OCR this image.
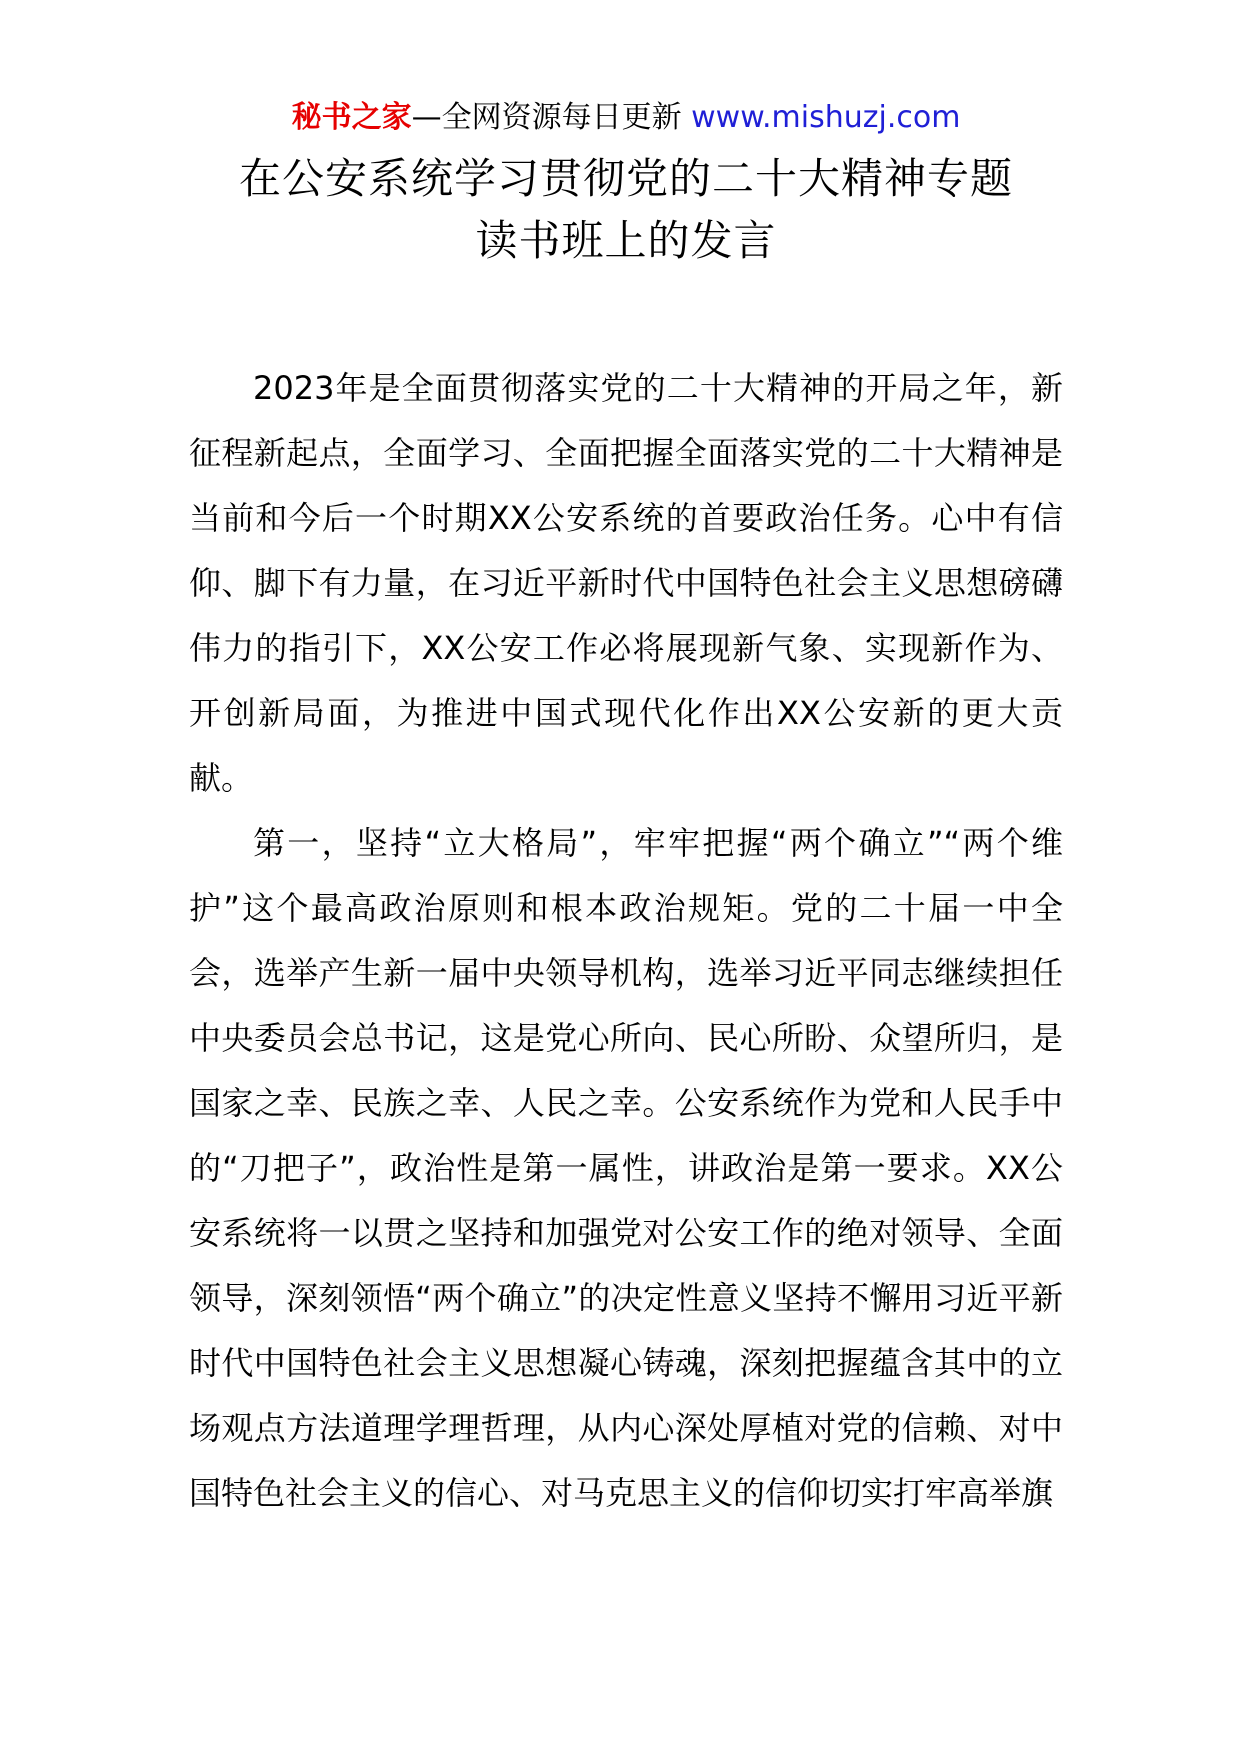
秘书之家—全网资源每日更新 www.mishuzj.com
在公安系统学习贯彻党的二十大精神专题
读书班上的发言

2023年是全面贯彻落实党的二十大精神的开局之年，新征程新起点，全面学习、全面把握全面落实党的二十大精神是当前和今后一个时期XX公安系统的首要政治任务。心中有信仰、脚下有力量，在习近平新时代中国特色社会主义思想磅礴伟力的指引下，XX公安工作必将展现新气象、实现新作为、开创新局面，为推进中国式现代化作出XX公安新的更大贡献。

第一，坚持“立大格局”，牢牢把握“两个确立”“两个维护”这个最高政治原则和根本政治规矩。党的二十届一中全会，选举产生新一届中央领导机构，选举习近平同志继续担任中央委员会总书记，这是党心所向、民心所盼、众望所归，是国家之幸、民族之幸、人民之幸。公安系统作为党和人民手中的“刀把子”，政治性是第一属性，讲政治是第一要求。XX公安系统将一以贯之坚持和加强党对公安工作的绝对领导、全面领导，深刻领悟“两个确立”的决定性意义坚持不懈用习近平新时代中国特色社会主义思想凝心铸魂，深刻把握蕴含其中的立场观点方法道理学理哲理，从内心深处厚植对党的信赖、对中国特色社会主义的信心、对马克思主义的信仰切实打牢高举旗
